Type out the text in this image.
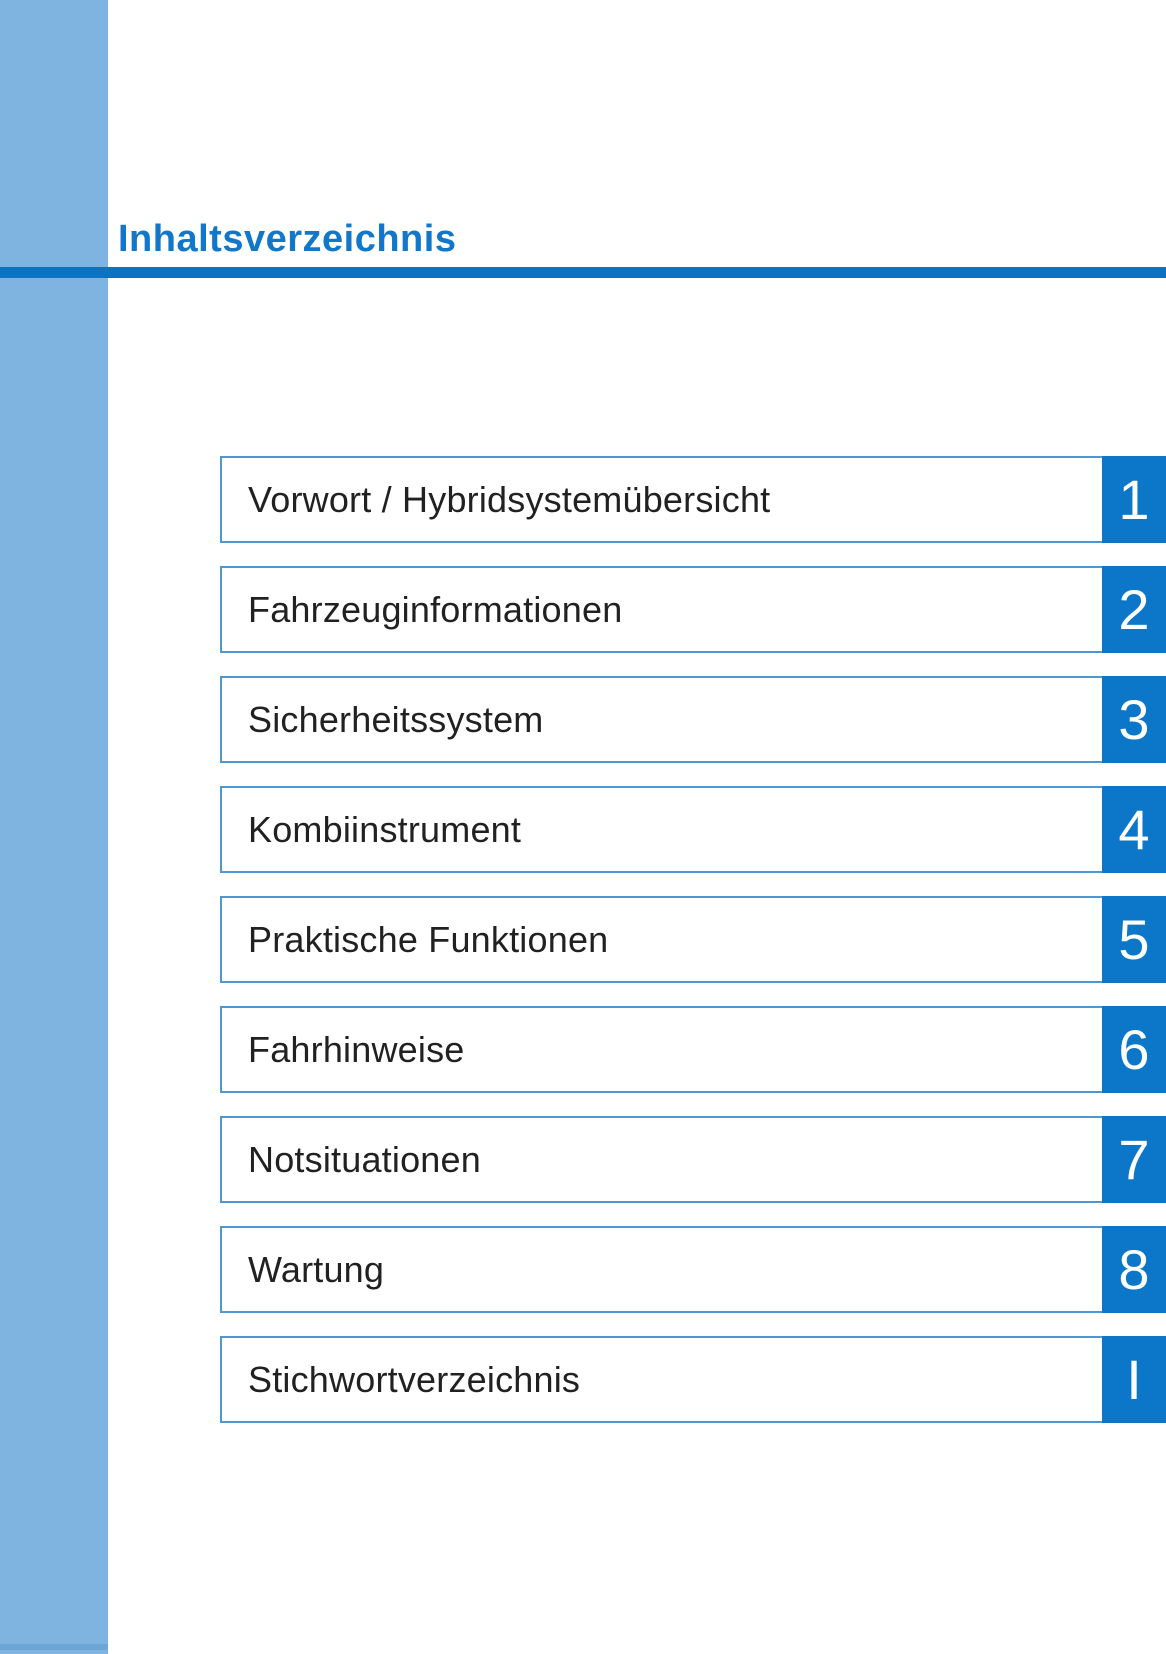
Inhaltsverzeichnis
Vorwort / Hybridsystemübersicht	1
Fahrzeuginformationen	2
Sicherheitssystem	3
Kombiinstrument	4
Praktische Funktionen	5
Fahrhinweise	6
Notsituationen	7
Wartung	8
Stichwortverzeichnis	I
